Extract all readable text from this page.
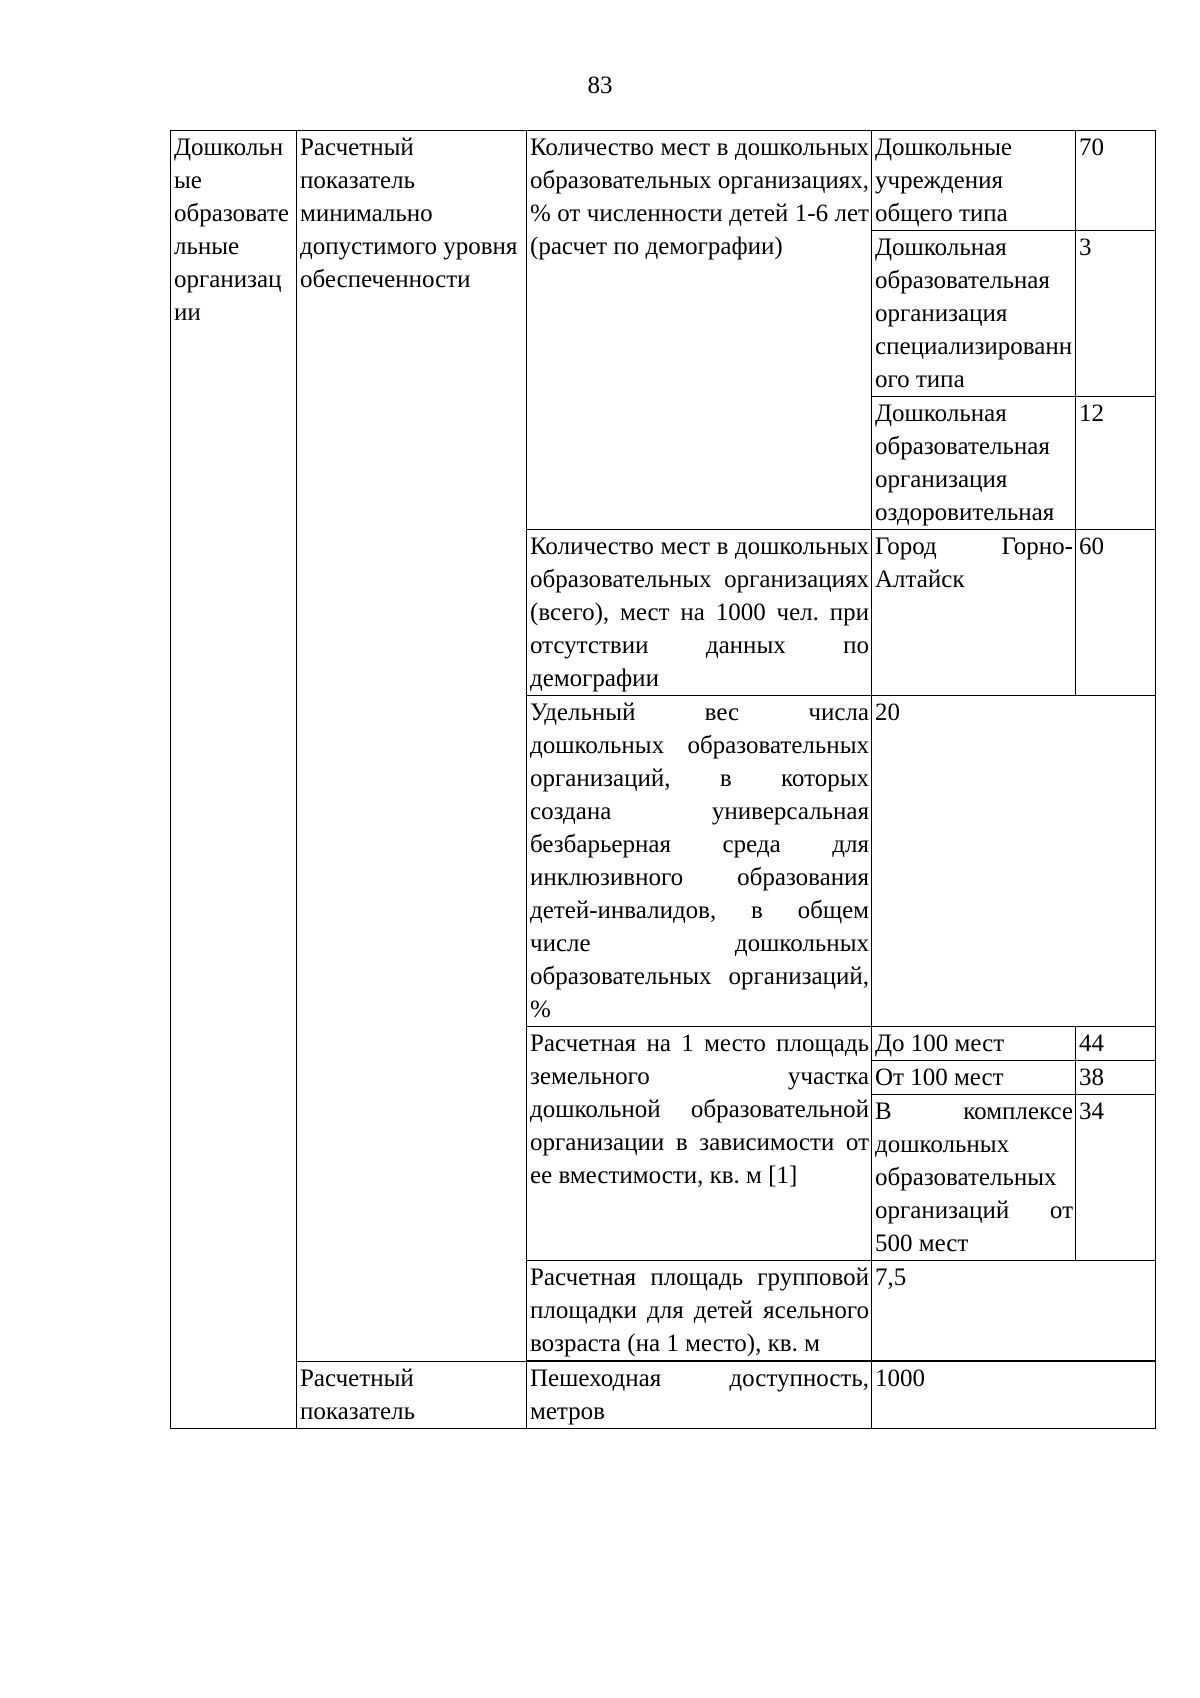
83
Дошкольные образовательные организации	Расчетный показатель минимально допустимого уровня обеспеченности	Количество мест в дошкольных образовательных организациях, % от численности детей 1-6 лет (расчет по демографии)	Дошкольные учреждения общего типа	70
			Дошкольная образовательная организация специализированного типа	3
			Дошкольная образовательная организация оздоровительная	12
		Количество мест в дошкольных образовательных организациях (всего), мест на 1000 чел. при отсутствии данных по демографии	Город Горно-Алтайск	60
		Удельный вес числа дошкольных образовательных организаций, в которых создана универсальная безбарьерная среда для инклюзивного образования детей-инвалидов, в общем числе дошкольных образовательных организаций, %	20	
		Расчетная на 1 место площадь земельного участка дошкольной образовательной организации в зависимости от ее вместимости, кв. м [1]	До 100 мест	44
			От 100 мест	38
			В комплексе дошкольных образовательных организаций от 500 мест	34
		Расчетная площадь групповой площадки для детей ясельного возраста (на 1 место), кв. м	7,5	

	Расчетный показатель	Пешеходная доступность, метров	1000	
